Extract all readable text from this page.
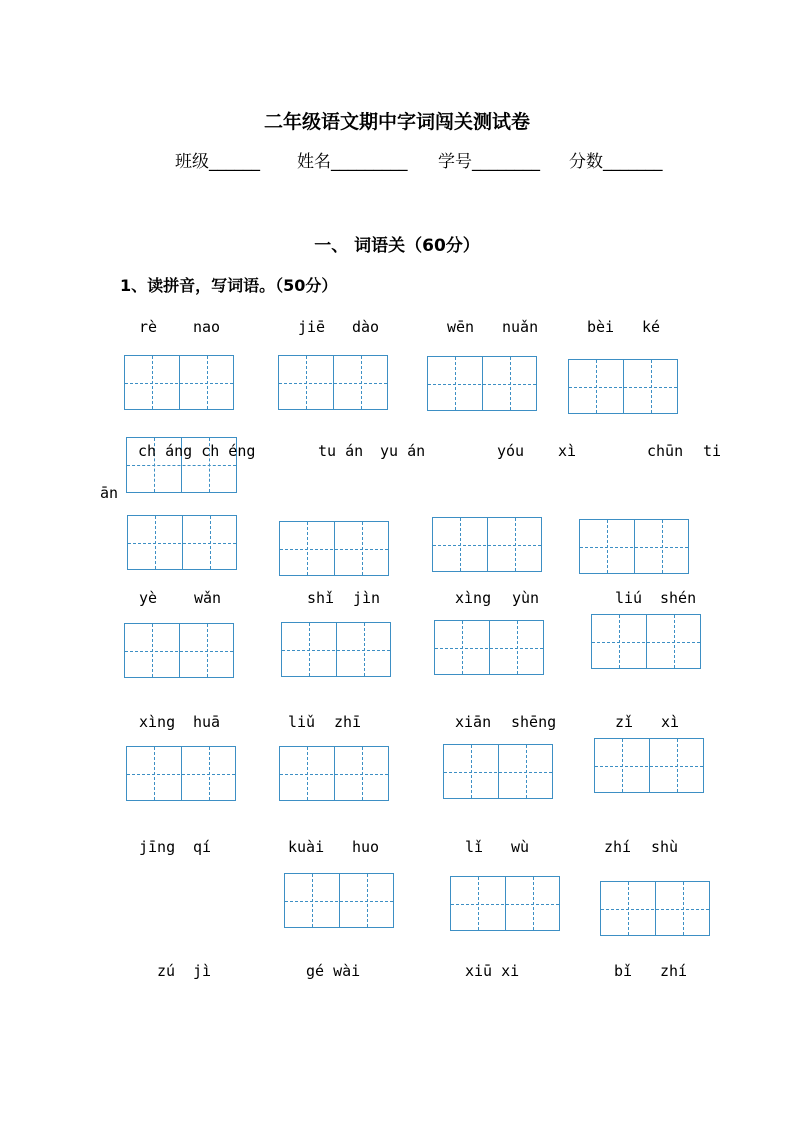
二年级语文期中字词闯关测试卷
班级______ 姓名_________ 学号________ 分数_______
一、 词语关（60分）
1、读拼音，写词语。（50分）
rè nao	jiē dào	wēn nuǎn	bèi ké
ch áng ch éng	tu án yu án	yóu xì	chūn ti
ān
yè wǎn	shǐ jìn	xìng yùn	liú shén
xìng huā	liǔ zhī	xiān shēng	zǐ xì
jīng qí	kuài huo	lǐ wù	zhí shù
zú jì	gé wài	xiū xi	bǐ zhí
